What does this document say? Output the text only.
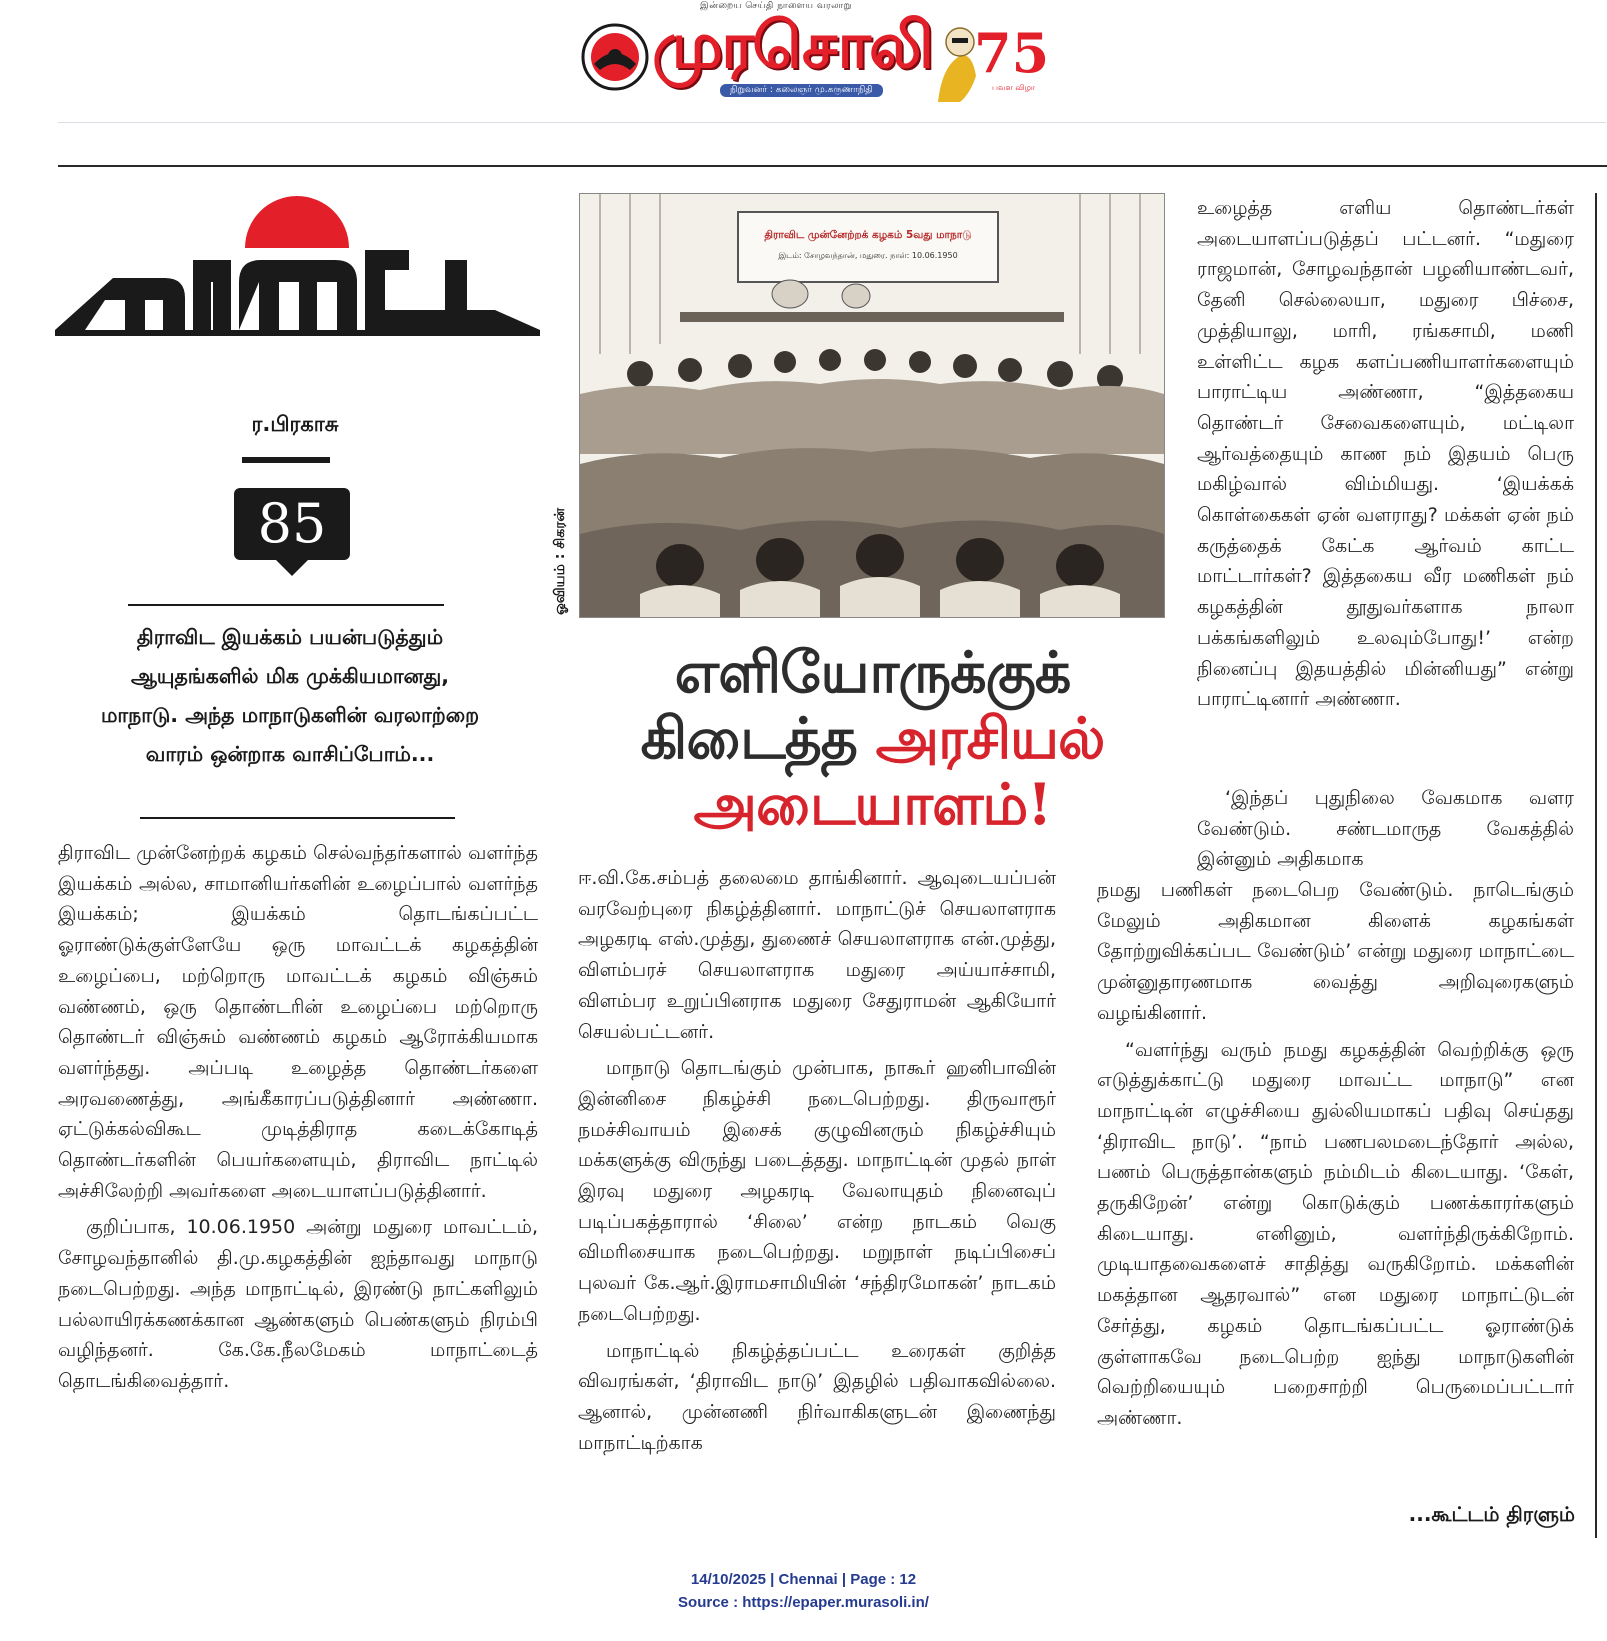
இன்றைய செய்தி நாளைய வரலாறு
முரசொலி
நிறுவனர் : கலைஞர் மு.கருணாநிதி
75
பவள விழா
ர.பிரகாசு
85
திராவிட இயக்கம் பயன்படுத்தும் ஆயுதங்களில் மிக முக்கியமானது, மாநாடு. அந்த மாநாடுகளின் வரலாற்றை வாரம் ஒன்றாக வாசிப்போம்...

திராவிட முன்னேற்றக் கழகம் செல்வந்தர்களால் வளர்ந்த இயக்கம் அல்ல, சாமானியர்களின் உழைப்பால் வளர்ந்த இயக்கம்; இயக்கம் தொடங்கப்பட்ட ஓராண்டுக்குள்ளேயே ஒரு மாவட்டக் கழகத்தின் உழைப்பை, மற்றொரு மாவட்டக் கழகம் விஞ்சும் வண்ணம், ஒரு தொண்டரின் உழைப்பை மற்றொரு தொண்டர் விஞ்சும் வண்ணம் கழகம் ஆரோக்கியமாக வளர்ந்தது. அப்படி உழைத்த தொண்டர்களை அரவணைத்து, அங்கீகாரப்படுத்தினார் அண்ணா. ஏட்டுக்கல்விகூட முடித்திராத கடைக்கோடித் தொண்டர்களின் பெயர்களையும், திராவிட நாட்டில் அச்சிலேற்றி அவர்களை அடையாளப்படுத்தினார்.

குறிப்பாக, 10.06.1950 அன்று மதுரை மாவட்டம், சோழவந்தானில் தி.மு.கழகத்தின் ஐந்தாவது மாநாடு நடைபெற்றது. அந்த மாநாட்டில், இரண்டு நாட்களிலும் பல்லாயிரக்கணக்கான ஆண்களும் பெண்களும் நிரம்பி வழிந்தனர். கே.கே.நீலமேகம் மாநாட்டைத் தொடங்கிவைத்தார்.

திராவிட முன்னேற்றக் கழகம் 5வது மாநாடு
இடம்: சோழவந்தான், மதுரை. நாள்: 10.06.1950
ஓவியம் : சிகரன்
எளியோருக்குக்
கிடைத்த அரசியல்
அடையாளம்!

ஈ.வி.கே.சம்பத் தலைமை தாங்கினார். ஆவுடையப்பன் வரவேற்புரை நிகழ்த்தினார். மாநாட்டுச் செயலாளராக அழகரடி எஸ்.முத்து, துணைச் செயலாளராக என்.முத்து, விளம்பரச் செயலாளராக மதுரை அய்யாச்சாமி, விளம்பர உறுப்பினராக மதுரை சேதுராமன் ஆகியோர் செயல்பட்டனர்.

மாநாடு தொடங்கும் முன்பாக, நாகூர் ஹனிபாவின் இன்னிசை நிகழ்ச்சி நடைபெற்றது. திருவாரூர் நமச்சிவாயம் இசைக் குழுவினரும் நிகழ்ச்சியும் மக்களுக்கு விருந்து படைத்தது. மாநாட்டின் முதல் நாள் இரவு மதுரை அழகரடி வேலாயுதம் நினைவுப் படிப்பகத்தாரால் ‘சிலை’ என்ற நாடகம் வெகு விமரிசையாக நடைபெற்றது. மறுநாள் நடிப்பிசைப் புலவர் கே.ஆர்.இராமசாமியின் ‘சந்திரமோகன்’ நாடகம் நடைபெற்றது.

மாநாட்டில் நிகழ்த்தப்பட்ட உரைகள் குறித்த விவரங்கள், ‘திராவிட நாடு’ இதழில் பதிவாகவில்லை. ஆனால், முன்னணி நிர்வாகிகளுடன் இணைந்து மாநாட்டிற்காக

உழைத்த எளிய தொண்டர்கள் அடையாளப்படுத்தப் பட்டனர். “மதுரை ராஜமான், சோழவந்தான் பழனியாண்டவர், தேனி செல்லையா, மதுரை பிச்சை, முத்தியாலு, மாரி, ரங்கசாமி, மணி உள்ளிட்ட கழக களப்பணியாளர்களையும் பாராட்டிய அண்ணா, “இத்தகைய தொண்டர் சேவைகளையும், மட்டிலா ஆர்வத்தையும் காண நம் இதயம் பெரு மகிழ்வால் விம்மியது. ‘இயக்கக் கொள்கைகள் ஏன் வளராது? மக்கள் ஏன் நம் கருத்தைக் கேட்க ஆர்வம் காட்ட மாட்டார்கள்? இத்தகைய வீர மணிகள் நம் கழகத்தின் தூதுவர்களாக நாலா பக்கங்களிலும் உலவும்போது!’ என்ற நினைப்பு இதயத்தில் மின்னியது” என்று பாராட்டினார் அண்ணா.

‘இந்தப் புதுநிலை வேகமாக வளர வேண்டும். சண்டமாருத வேகத்தில் இன்னும் அதிகமாக

நமது பணிகள் நடைபெற வேண்டும். நாடெங்கும் மேலும் அதிகமான கிளைக் கழகங்கள் தோற்றுவிக்கப்பட வேண்டும்’ என்று மதுரை மாநாட்டை முன்னுதாரணமாக வைத்து அறிவுரைகளும் வழங்கினார்.

“வளர்ந்து வரும் நமது கழகத்தின் வெற்றிக்கு ஒரு எடுத்துக்காட்டு மதுரை மாவட்ட மாநாடு” என மாநாட்டின் எழுச்சியை துல்லியமாகப் பதிவு செய்தது ‘திராவிட நாடு’. “நாம் பணபலமடைந்தோர் அல்ல, பணம் பெருத்தான்களும் நம்மிடம் கிடையாது. ‘கேள், தருகிறேன்’ என்று கொடுக்கும் பணக்காரர்களும் கிடையாது. எனினும், வளர்ந்திருக்கிறோம். முடியாதவைகளைச் சாதித்து வருகிறோம். மக்களின் மகத்தான ஆதரவால்” என மதுரை மாநாட்டுடன் சேர்த்து, கழகம் தொடங்கப்பட்ட ஓராண்டுக் குள்ளாகவே நடைபெற்ற ஐந்து மாநாடுகளின் வெற்றியையும் பறைசாற்றி பெருமைப்பட்டார் அண்ணா.

...கூட்டம் திரளும்
14/10/2025 | Chennai | Page : 12
Source : https://epaper.murasoli.in/
